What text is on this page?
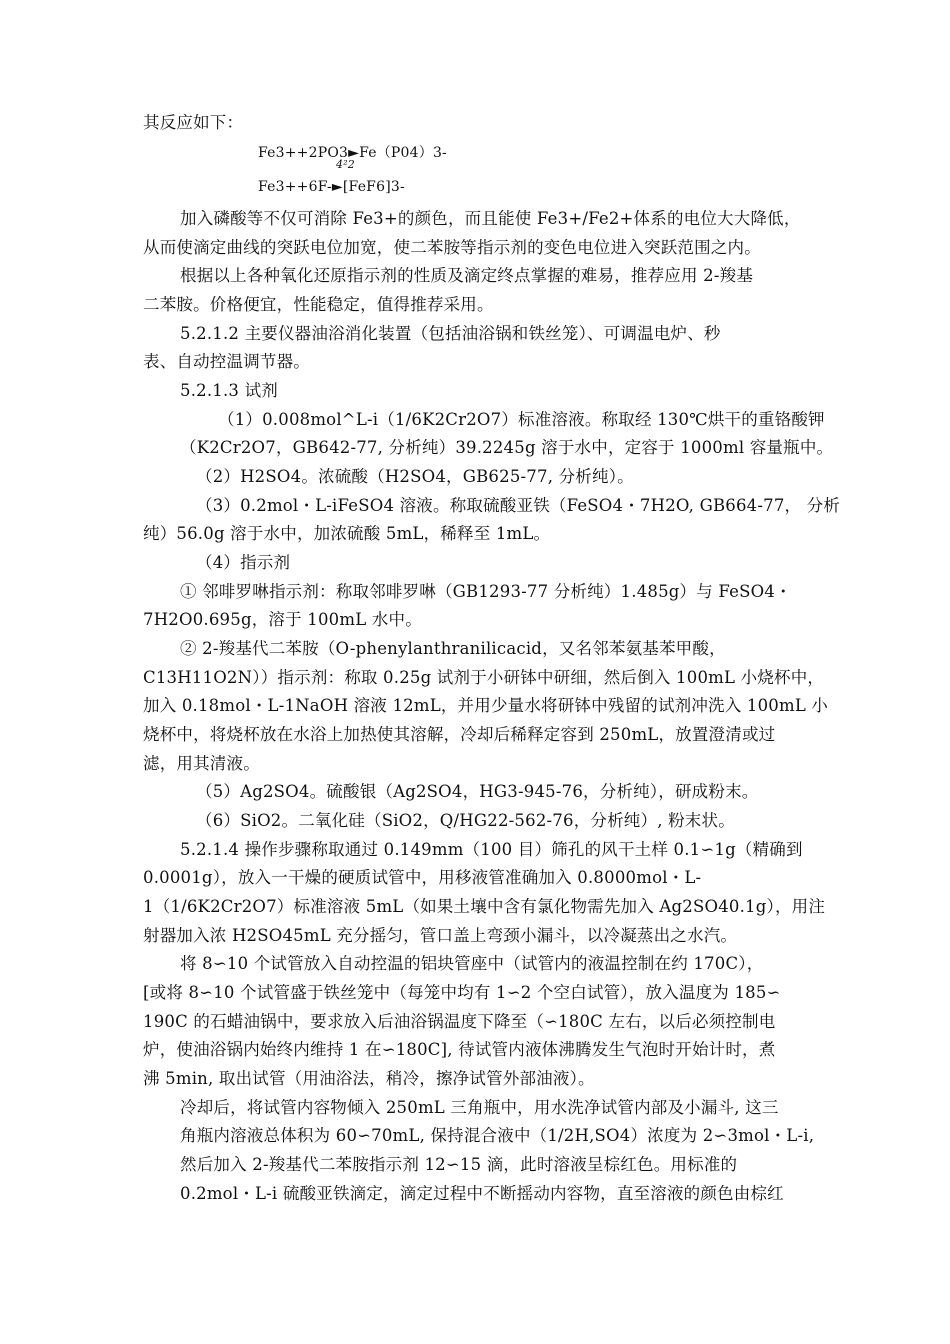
其反应如下：
Fe3++2PO3►Fe（P04）3-
4²2
Fe3++6F-►[FeF6]3-
加入磷酸等不仅可消除 Fe3+的颜色，而且能使 Fe3+/Fe2+体系的电位大大降低，
从而使滴定曲线的突跃电位加宽，使二苯胺等指示剂的变色电位进入突跃范围之内。
根据以上各种氧化还原指示剂的性质及滴定终点掌握的难易，推荐应用 2-羧基
二苯胺。价格便宜，性能稳定，值得推荐采用。
5.2.1.2 主要仪器油浴消化装置（包括油浴锅和铁丝笼）、可调温电炉、秒
表、自动控温调节器。
5.2.1.3 试剂
（1）0.008mol^L-i（1/6K2Cr2O7）标准溶液。称取经 130℃烘干的重铬酸钾
（K2Cr2O7，GB642-77, 分析纯）39.2245g 溶于水中，定容于 1000ml 容量瓶中。
（2）H2SO4。浓硫酸（H2SO4，GB625-77, 分析纯）。
（3）0.2mol・L-iFeSO4 溶液。称取硫酸亚铁（FeSO4・7H2O, GB664-77， 分析
纯）56.0g 溶于水中，加浓硫酸 5mL，稀释至 1mL。
（4）指示剂
① 邻啡罗啉指示剂：称取邻啡罗啉（GB1293-77 分析纯）1.485g）与 FeSO4・
7H2O0.695g，溶于 100mL 水中。
② 2-羧基代二苯胺（O-phenylanthranilicacid，又名邻苯氨基苯甲酸，
C13H11O2N））指示剂：称取 0.25g 试剂于小研钵中研细，然后倒入 100mL 小烧杯中，
加入 0.18mol・L-1NaOH 溶液 12mL，并用少量水将研钵中残留的试剂冲洗入 100mL 小
烧杯中，将烧杯放在水浴上加热使其溶解，冷却后稀释定容到 250mL，放置澄清或过
滤，用其清液。
（5）Ag2SO4。硫酸银（Ag2SO4，HG3-945-76，分析纯），研成粉末。
（6）SiO2。二氧化硅（SiO2，Q/HG22-562-76，分析纯）, 粉末状。
5.2.1.4 操作步骤称取通过 0.149mm（100 目）筛孔的风干土样 0.1∽1g（精确到
0.0001g），放入一干燥的硬质试管中，用移液管准确加入 0.8000mol・L-
1（1/6K2Cr2O7）标准溶液 5mL（如果土壤中含有氯化物需先加入 Ag2SO40.1g），用注
射器加入浓 H2SO45mL 充分摇匀，管口盖上弯颈小漏斗，以冷凝蒸出之水汽。
将 8∽10 个试管放入自动控温的铝块管座中（试管内的液温控制在约 170C），
[或将 8∽10 个试管盛于铁丝笼中（每笼中均有 1∽2 个空白试管），放入温度为 185∽
190C 的石蜡油锅中，要求放入后油浴锅温度下降至（∽180C 左右，以后必须控制电
炉，使油浴锅内始终内维持 1 在∽180C], 待试管内液体沸腾发生气泡时开始计时，煮
沸 5min, 取出试管（用油浴法，稍冷，擦净试管外部油液）。
冷却后，将试管内容物倾入 250mL 三角瓶中，用水洗净试管内部及小漏斗, 这三
角瓶内溶液总体积为 60∽70mL, 保持混合液中（1/2H,SO4）浓度为 2∽3mol・L-i,
然后加入 2-羧基代二苯胺指示剂 12∽15 滴，此时溶液呈棕红色。用标准的
0.2mol・L-i 硫酸亚铁滴定，滴定过程中不断摇动内容物，直至溶液的颜色由棕红
